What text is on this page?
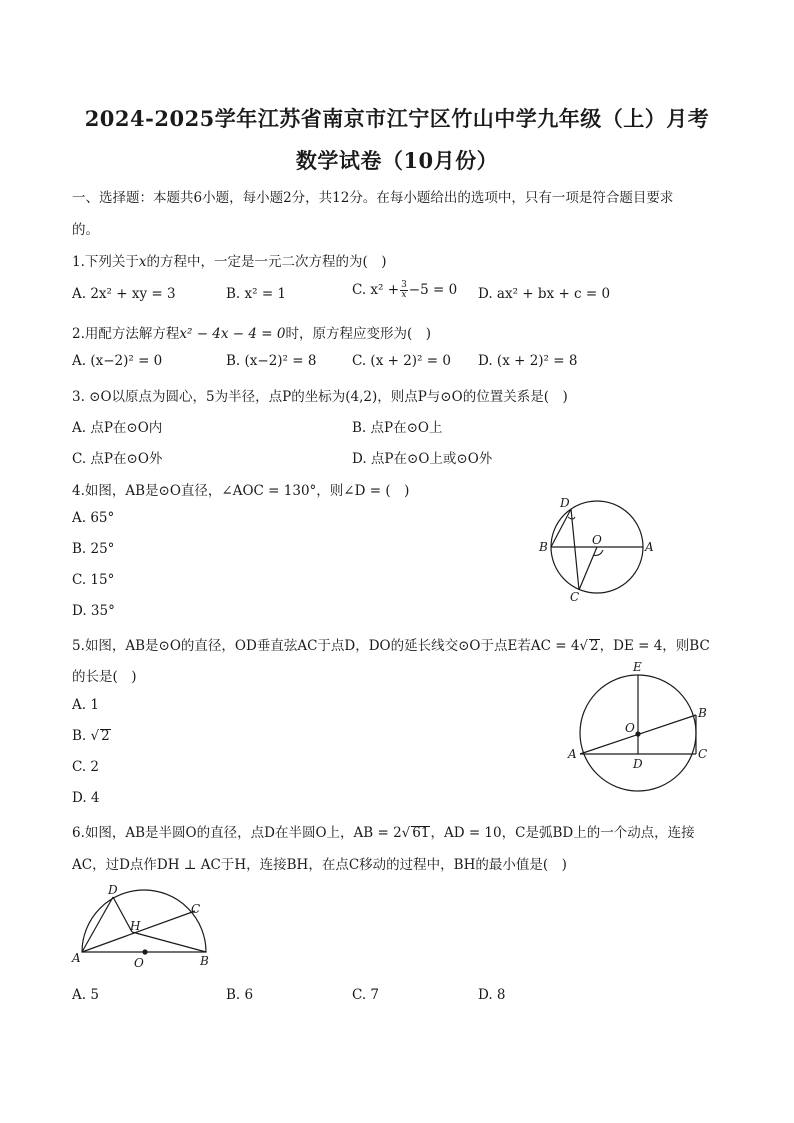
2024-2025学年江苏省南京市江宁区竹山中学九年级（上）月考
数学试卷（10月份）
一、选择题：本题共6小题，每小题2分，共12分。在每小题给出的选项中，只有一项是符合题目要求
的。
1.下列关于x的方程中，一定是一元二次方程的为(　)
A. 2x² + xy = 3	B. x² = 1	C. $x^2 + \frac{3}{x} -5 = 0$ D. ax² + bx + c = 0
2.用配方法解方程x² − 4x − 4 = 0时，原方程应变形为(　)
A. (x−2)² = 0	B. (x−2)² = 8	C. (x + 2)² = 0 D. (x + 2)² = 8
3. ⊙O以原点为圆心，5为半径，点P的坐标为(4,2)，则点P与⊙O的位置关系是(　)
A. 点P在⊙O内	B. 点P在⊙O上
C. 点P在⊙O外	D. 点P在⊙O上或⊙O外
4.如图，AB是⊙O直径，∠AOC = 130°，则∠D = (　)
A. 65°
B. 25°
C. 15°
D. 35°
D
B	O	A
C
5.如图，AB是⊙O的直径，OD垂直弦AC于点D，DO的延长线交⊙O于点E若AC = 4√ 2，DE = 4，则BC
的长是(　)
A. 1
B. √ 2
C. 2
D. 4
E
O
B
A
D
C
6.如图，AB是半圆O的直径，点D在半圆O上，AB = 2√ 61，AD = 10，C是弧BD上的一个动点，连接
AC，过D点作DH ⊥ AC于H，连接BH，在点C移动的过程中，BH的最小值是(　)
D
C
H
A	O	B
A. 5	B. 6	C. 7	D. 8
